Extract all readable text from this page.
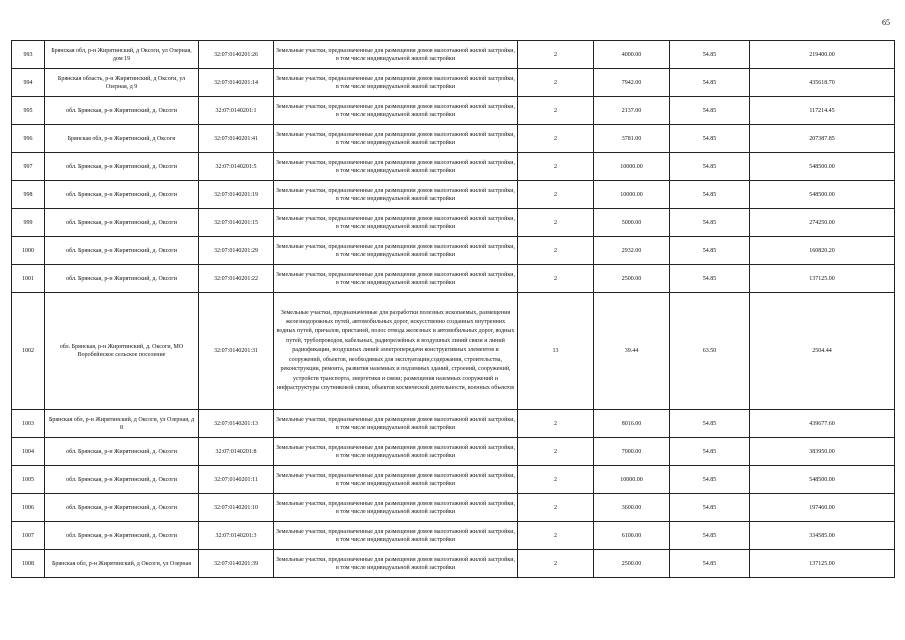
65
993	Брянская обл, р-н Жирятинский, д Оксоги, ул Озерная, дом 19	32:07:0140201:26	Земельные участки, предназначенные для размещения домов малоэтажной жилой застройки, в том числе индивидуальной жилой застройки	2	4000.00	54.85	219400.00
994	Брянская область, р-н Жирятинский, д Оксоги, ул Озерная, д 9	32:07:0140201:14	Земельные участки, предназначенные для размещения домов малоэтажной жилой застройки, в том числе индивидуальной жилой застройки	2	7942.00	54.85	435618.70
995	обл. Брянская, р-н Жирятинский, д. Оксоги	32:07:0140201:1	Земельные участки, предназначенные для размещения домов малоэтажной жилой застройки, в том числе индивидуальной жилой застройки	2	2137.00	54.85	117214.45
996	Брянская обл, р-н Жирятинский, д Оксоги	32:07:0140201:41	Земельные участки, предназначенные для размещения домов малоэтажной жилой застройки, в том числе индивидуальной жилой застройки	2	3781.00	54.85	207387.85
997	обл. Брянская, р-н Жирятинский, д. Оксоги	32:07:0140201:5	Земельные участки, предназначенные для размещения домов малоэтажной жилой застройки, в том числе индивидуальной жилой застройки	2	10000.00	54.85	548500.00
998	обл. Брянская, р-н Жирятинский, д. Оксоги	32:07:0140201:19	Земельные участки, предназначенные для размещения домов малоэтажной жилой застройки, в том числе индивидуальной жилой застройки	2	10000.00	54.85	548500.00
999	обл. Брянская, р-н Жирятинский, д. Оксоги	32:07:0140201:15	Земельные участки, предназначенные для размещения домов малоэтажной жилой застройки, в том числе индивидуальной жилой застройки	2	5000.00	54.85	274250.00
1000	обл. Брянская, р-н Жирятинский, д. Оксоги	32:07:0140201:29	Земельные участки, предназначенные для размещения домов малоэтажной жилой застройки, в том числе индивидуальной жилой застройки	2	2932.00	54.85	160820.20
1001	обл. Брянская, р-н Жирятинский, д. Оксоги	32:07:0140201:22	Земельные участки, предназначенные для размещения домов малоэтажной жилой застройки, в том числе индивидуальной жилой застройки	2	2500.00	54.85	137125.00
1002	обл. Брянская, р-н Жирятинский, д. Оксоги, МО Воробейнское сельское поселение	32:07:0140201:31	Земельные участки, предназначенные для разработки полезных ископаемых, размещения железнодорожных путей, автомобильных дорог, искусственно созданных внутренних водных путей, причалов, пристаней, полос отвода железных и автомобильных дорог, водных путей, трубопроводов, кабельных, радиорелейных и воздушных линий связи и линий радиофикации, воздушных линий электропередачи конструктивных элементов и сооружений, объектов, необходимых для эксплуатации,содержания, строительства, реконструкции, ремонта, развития наземных и подземных зданий, строений, сооружений, устройств транспорта, энергетики и связи; размещения наземных сооружений и инфраструктуры спутниковой связи, объектов космической деятельности, военных объектов	13	39.44	63.50	2504.44
1003	Брянская обл, р-н Жирятинский, д Оксоги, ул Озерная, д 8	32:07:0140201:13	Земельные участки, предназначенные для размещения домов малоэтажной жилой застройки, в том числе индивидуальной жилой застройки	2	8016.00	54.85	439677.60
1004	обл. Брянская, р-н Жирятинский, д. Оксоги	32:07:0140201:8	Земельные участки, предназначенные для размещения домов малоэтажной жилой застройки, в том числе индивидуальной жилой застройки	2	7000.00	54.85	383950.00
1005	обл. Брянская, р-н Жирятинский, д. Оксоги	32:07:0140201:11	Земельные участки, предназначенные для размещения домов малоэтажной жилой застройки, в том числе индивидуальной жилой застройки	2	10000.00	54.85	548500.00
1006	обл. Брянская, р-н Жирятинский, д. Оксоги	32:07:0140201:10	Земельные участки, предназначенные для размещения домов малоэтажной жилой застройки, в том числе индивидуальной жилой застройки	2	3600.00	54.85	197460.00
1007	обл. Брянская, р-н Жирятинский, д. Оксоги	32:07:0140201:3	Земельные участки, предназначенные для размещения домов малоэтажной жилой застройки, в том числе индивидуальной жилой застройки	2	6100.00	54.85	334585.00
1008	Брянская обл, р-н Жирятинский, д Оксоги, ул Озерная	32:07:0140201:39	Земельные участки, предназначенные для размещения домов малоэтажной жилой застройки, в том числе индивидуальной жилой застройки	2	2500.00	54.85	137125.00
